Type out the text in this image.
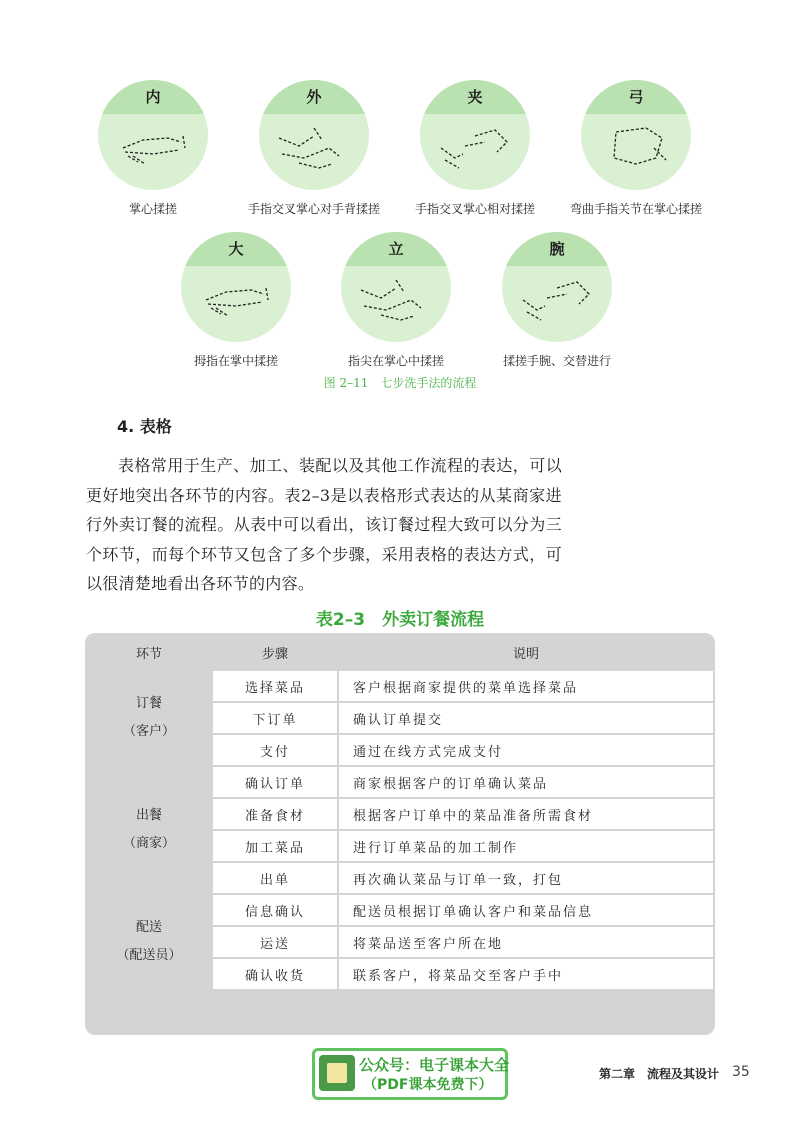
内
掌心揉搓
外
手指交叉掌心对手背揉搓
夹
手指交叉掌心相对揉搓
弓
弯曲手指关节在掌心揉搓
大
拇指在掌中揉搓
立
指尖在掌心中揉搓
腕
揉搓手腕、交替进行
图 2–11　七步洗手法的流程
4. 表格

表格常用于生产、加工、装配以及其他工作流程的表达，可以更好地突出各环节的内容。表2–3是以表格形式表达的从某商家进行外卖订餐的流程。从表中可以看出，该订餐过程大致可以分为三个环节，而每个环节又包含了多个步骤，采用表格的表达方式，可以很清楚地看出各环节的内容。

表2–3　外卖订餐流程
环节	步骤	说明

订餐
（客户）	选择菜品	客户根据商家提供的菜单选择菜品
	下订单	确认订单提交
	支付	通过在线方式完成支付

出餐
（商家）	确认订单	商家根据客户的订单确认菜品
	准备食材	根据客户订单中的菜品准备所需食材
	加工菜品	进行订单菜品的加工制作
	出单	再次确认菜品与订单一致，打包

配送
（配送员）	信息确认	配送员根据订单确认客户和菜品信息
	运送	将菜品送至客户所在地
	确认收货	联系客户，将菜品交至客户手中
公众号：电子课本大全
（PDF课本免费下）
第二章　流程及其设计 35
